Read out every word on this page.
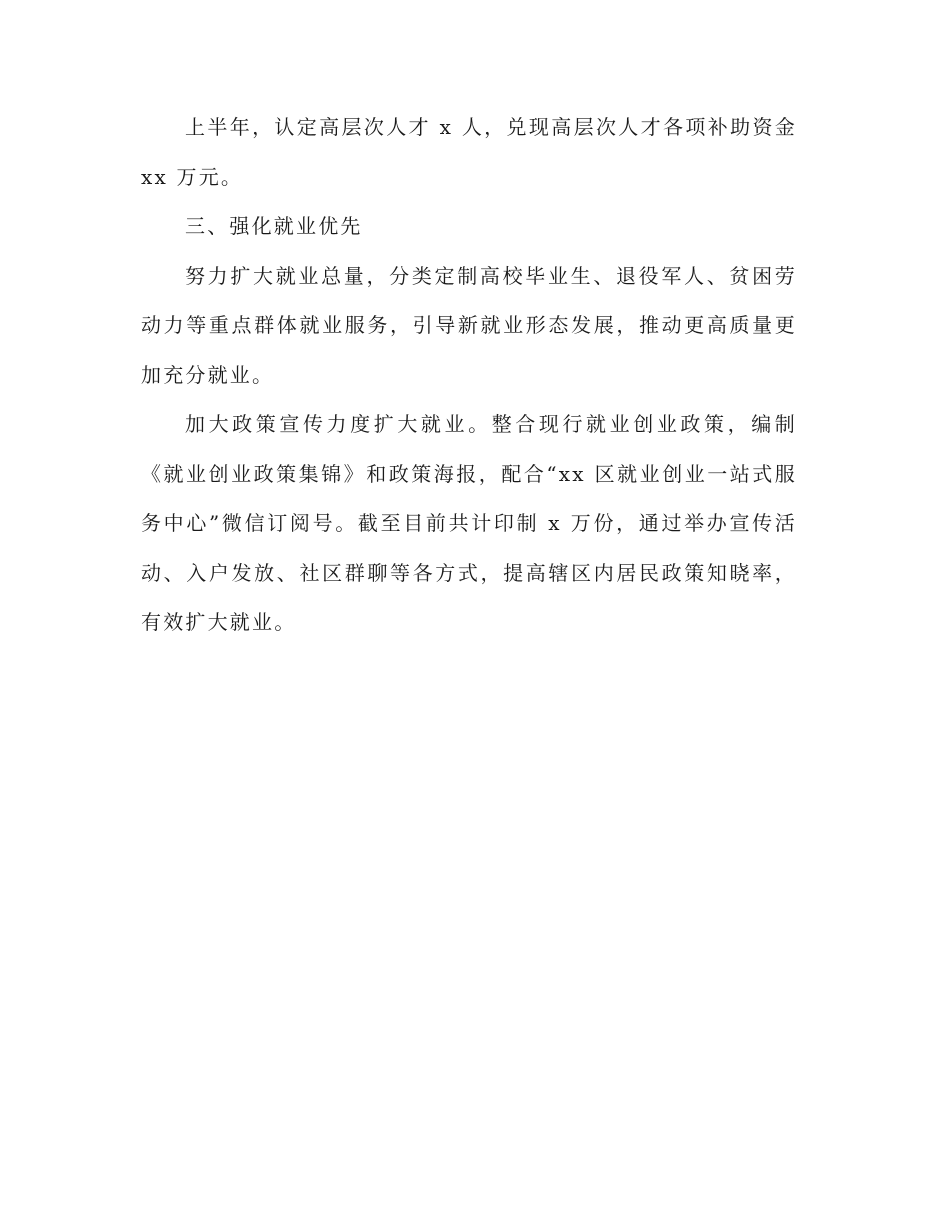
上半年，认定高层次人才 x 人，兑现高层次人才各项补助资金 xx 万元。

三、强化就业优先

努力扩大就业总量，分类定制高校毕业生、退役军人、贫困劳动力等重点群体就业服务，引导新就业形态发展，推动更高质量更加充分就业。

加大政策宣传力度扩大就业。整合现行就业创业政策，编制《就业创业政策集锦》和政策海报，配合“xx 区就业创业一站式服务中心”微信订阅号。截至目前共计印制 x 万份，通过举办宣传活动、入户发放、社区群聊等各方式，提高辖区内居民政策知晓率，有效扩大就业。
